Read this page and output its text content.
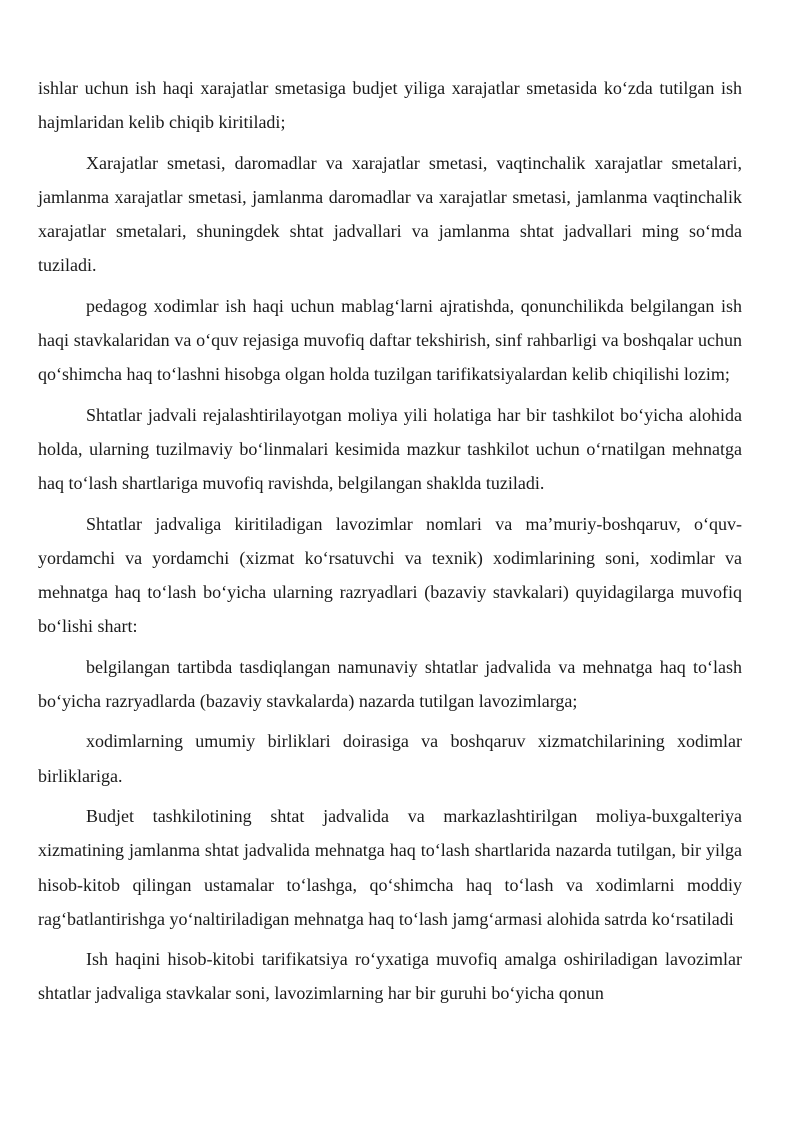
ishlar uchun ish haqi xarajatlar smetasiga budjet yiliga xarajatlar smetasida koʻzda tutilgan ish hajmlaridan kelib chiqib kiritiladi;

Xarajatlar smetasi, daromadlar va xarajatlar smetasi, vaqtinchalik xarajatlar smetalari, jamlanma xarajatlar smetasi, jamlanma daromadlar va xarajatlar smetasi, jamlanma vaqtinchalik xarajatlar smetalari, shuningdek shtat jadvallari va jamlanma shtat jadvallari ming soʻmda tuziladi.

pedagog xodimlar ish haqi uchun mablagʻlarni ajratishda, qonunchilikda belgilangan ish haqi stavkalaridan va oʻquv rejasiga muvofiq daftar tekshirish, sinf rahbarligi va boshqalar uchun qoʻshimcha haq toʻlashni hisobga olgan holda tuzilgan tarifikatsiyalardan kelib chiqilishi lozim;

Shtatlar jadvali rejalashtirilayotgan moliya yili holatiga har bir tashkilot boʻyicha alohida holda, ularning tuzilmaviy boʻlinmalari kesimida mazkur tashkilot uchun oʻrnatilgan mehnatga haq toʻlash shartlariga muvofiq ravishda, belgilangan shaklda tuziladi.

Shtatlar jadvaliga kiritiladigan lavozimlar nomlari va maʼmuriy-boshqaruv, oʻquv-yordamchi va yordamchi (xizmat koʻrsatuvchi va texnik) xodimlarining soni, xodimlar va mehnatga haq toʻlash boʻyicha ularning razryadlari (bazaviy stavkalari) quyidagilarga muvofiq boʻlishi shart:

belgilangan tartibda tasdiqlangan namunaviy shtatlar jadvalida va mehnatga haq toʻlash boʻyicha razryadlarda (bazaviy stavkalarda) nazarda tutilgan lavozimlarga;

xodimlarning umumiy birliklari doirasiga va boshqaruv xizmatchilarining xodimlar birliklariga.

Budjet tashkilotining shtat jadvalida va markazlashtirilgan moliya-buxgalteriya xizmatining jamlanma shtat jadvalida mehnatga haq toʻlash shartlarida nazarda tutilgan, bir yilga hisob-kitob qilingan ustamalar toʻlashga, qoʻshimcha haq toʻlash va xodimlarni moddiy ragʻbatlantirishga yoʻnaltiriladigan mehnatga haq toʻlash jamgʻarmasi alohida satrda koʻrsatiladi

Ish haqini hisob-kitobi tarifikatsiya roʻyxatiga muvofiq amalga oshiriladigan lavozimlar shtatlar jadvaliga stavkalar soni, lavozimlarning har bir guruhi boʻyicha qonun
